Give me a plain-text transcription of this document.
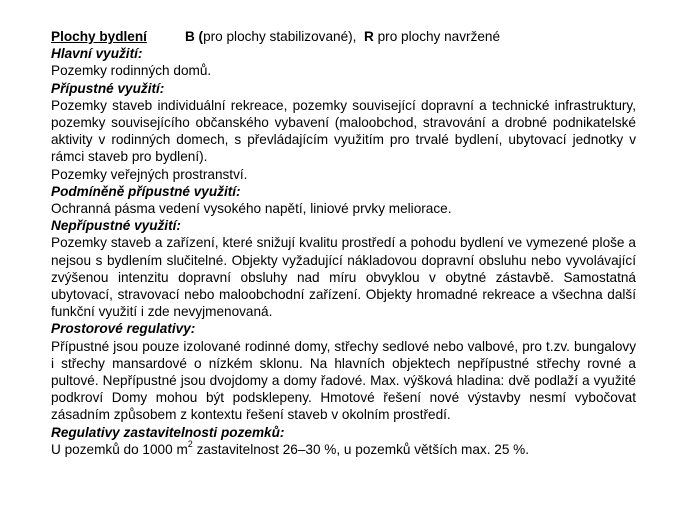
Plochy bydlení	B (pro plochy stabilizované), R pro plochy navržené
Hlavní využití:
Pozemky rodinných domů.
Přípustné využití:
Pozemky staveb individuální rekreace, pozemky související dopravní a technické infrastruktury, pozemky souvisejícího občanského vybavení (maloobchod, stravování a drobné podnikatelské aktivity v rodinných domech, s převládajícím využitím pro trvalé bydlení, ubytovací jednotky v rámci staveb pro bydlení).
Pozemky veřejných prostranství.
Podmíněně přípustné využití:
Ochranná pásma vedení vysokého napětí, liniové prvky meliorace.
Nepřípustné využití:
Pozemky staveb a zařízení, které snižují kvalitu prostředí a pohodu bydlení ve vymezené ploše a nejsou s bydlením slučitelné. Objekty vyžadující nákladovou dopravní obsluhu nebo vyvolávající zvýšenou intenzitu dopravní obsluhy nad míru obvyklou v obytné zástavbě. Samostatná ubytovací, stravovací nebo maloobchodní zařízení. Objekty hromadné rekreace a všechna další funkční využití i zde nevyjmenovaná.
Prostorové regulativy:
Přípustné jsou pouze izolované rodinné domy, střechy sedlové nebo valbové, pro t.zv. bungalovy i střechy mansardové o nízkém sklonu. Na hlavních objektech nepřípustné střechy rovné a pultové. Nepřípustné jsou dvojdomy a domy řadové. Max. výšková hladina: dvě podlaží a využité podkroví Domy mohou být podsklepeny. Hmotové řešení nové výstavby nesmí vybočovat zásadním způsobem z kontextu řešení staveb v okolním prostředí.
Regulativy zastavitelnosti pozemků:
U pozemků do 1000 $m^2$ zastavitelnost 26–30 %, u pozemků větších max. 25 %.
